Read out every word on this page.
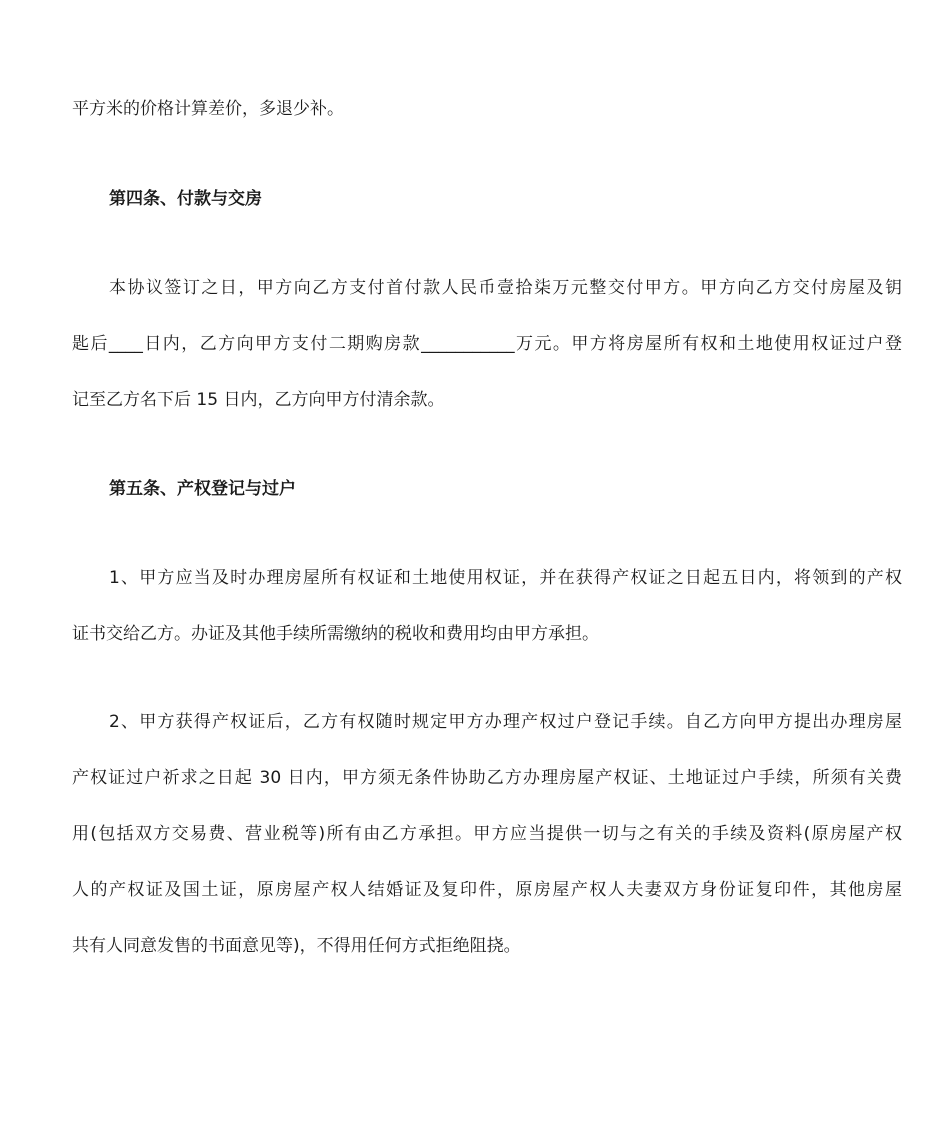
平方米的价格计算差价，多退少补。
第四条、付款与交房
本协议签订之日，甲方向乙方支付首付款人民币壹拾柒万元整交付甲方。甲方向乙方交付房屋及钥
匙后____日内，乙方向甲方支付二期购房款___________万元。甲方将房屋所有权和土地使用权证过户登
记至乙方名下后 15 日内，乙方向甲方付清余款。
第五条、产权登记与过户
1、甲方应当及时办理房屋所有权证和土地使用权证，并在获得产权证之日起五日内，将领到的产权
证书交给乙方。办证及其他手续所需缴纳的税收和费用均由甲方承担。
2、甲方获得产权证后，乙方有权随时规定甲方办理产权过户登记手续。自乙方向甲方提出办理房屋
产权证过户祈求之日起 30 日内，甲方须无条件协助乙方办理房屋产权证、土地证过户手续，所须有关费
用(包括双方交易费、营业税等)所有由乙方承担。甲方应当提供一切与之有关的手续及资料(原房屋产权
人的产权证及国土证，原房屋产权人结婚证及复印件，原房屋产权人夫妻双方身份证复印件，其他房屋
共有人同意发售的书面意见等)，不得用任何方式拒绝阻挠。
